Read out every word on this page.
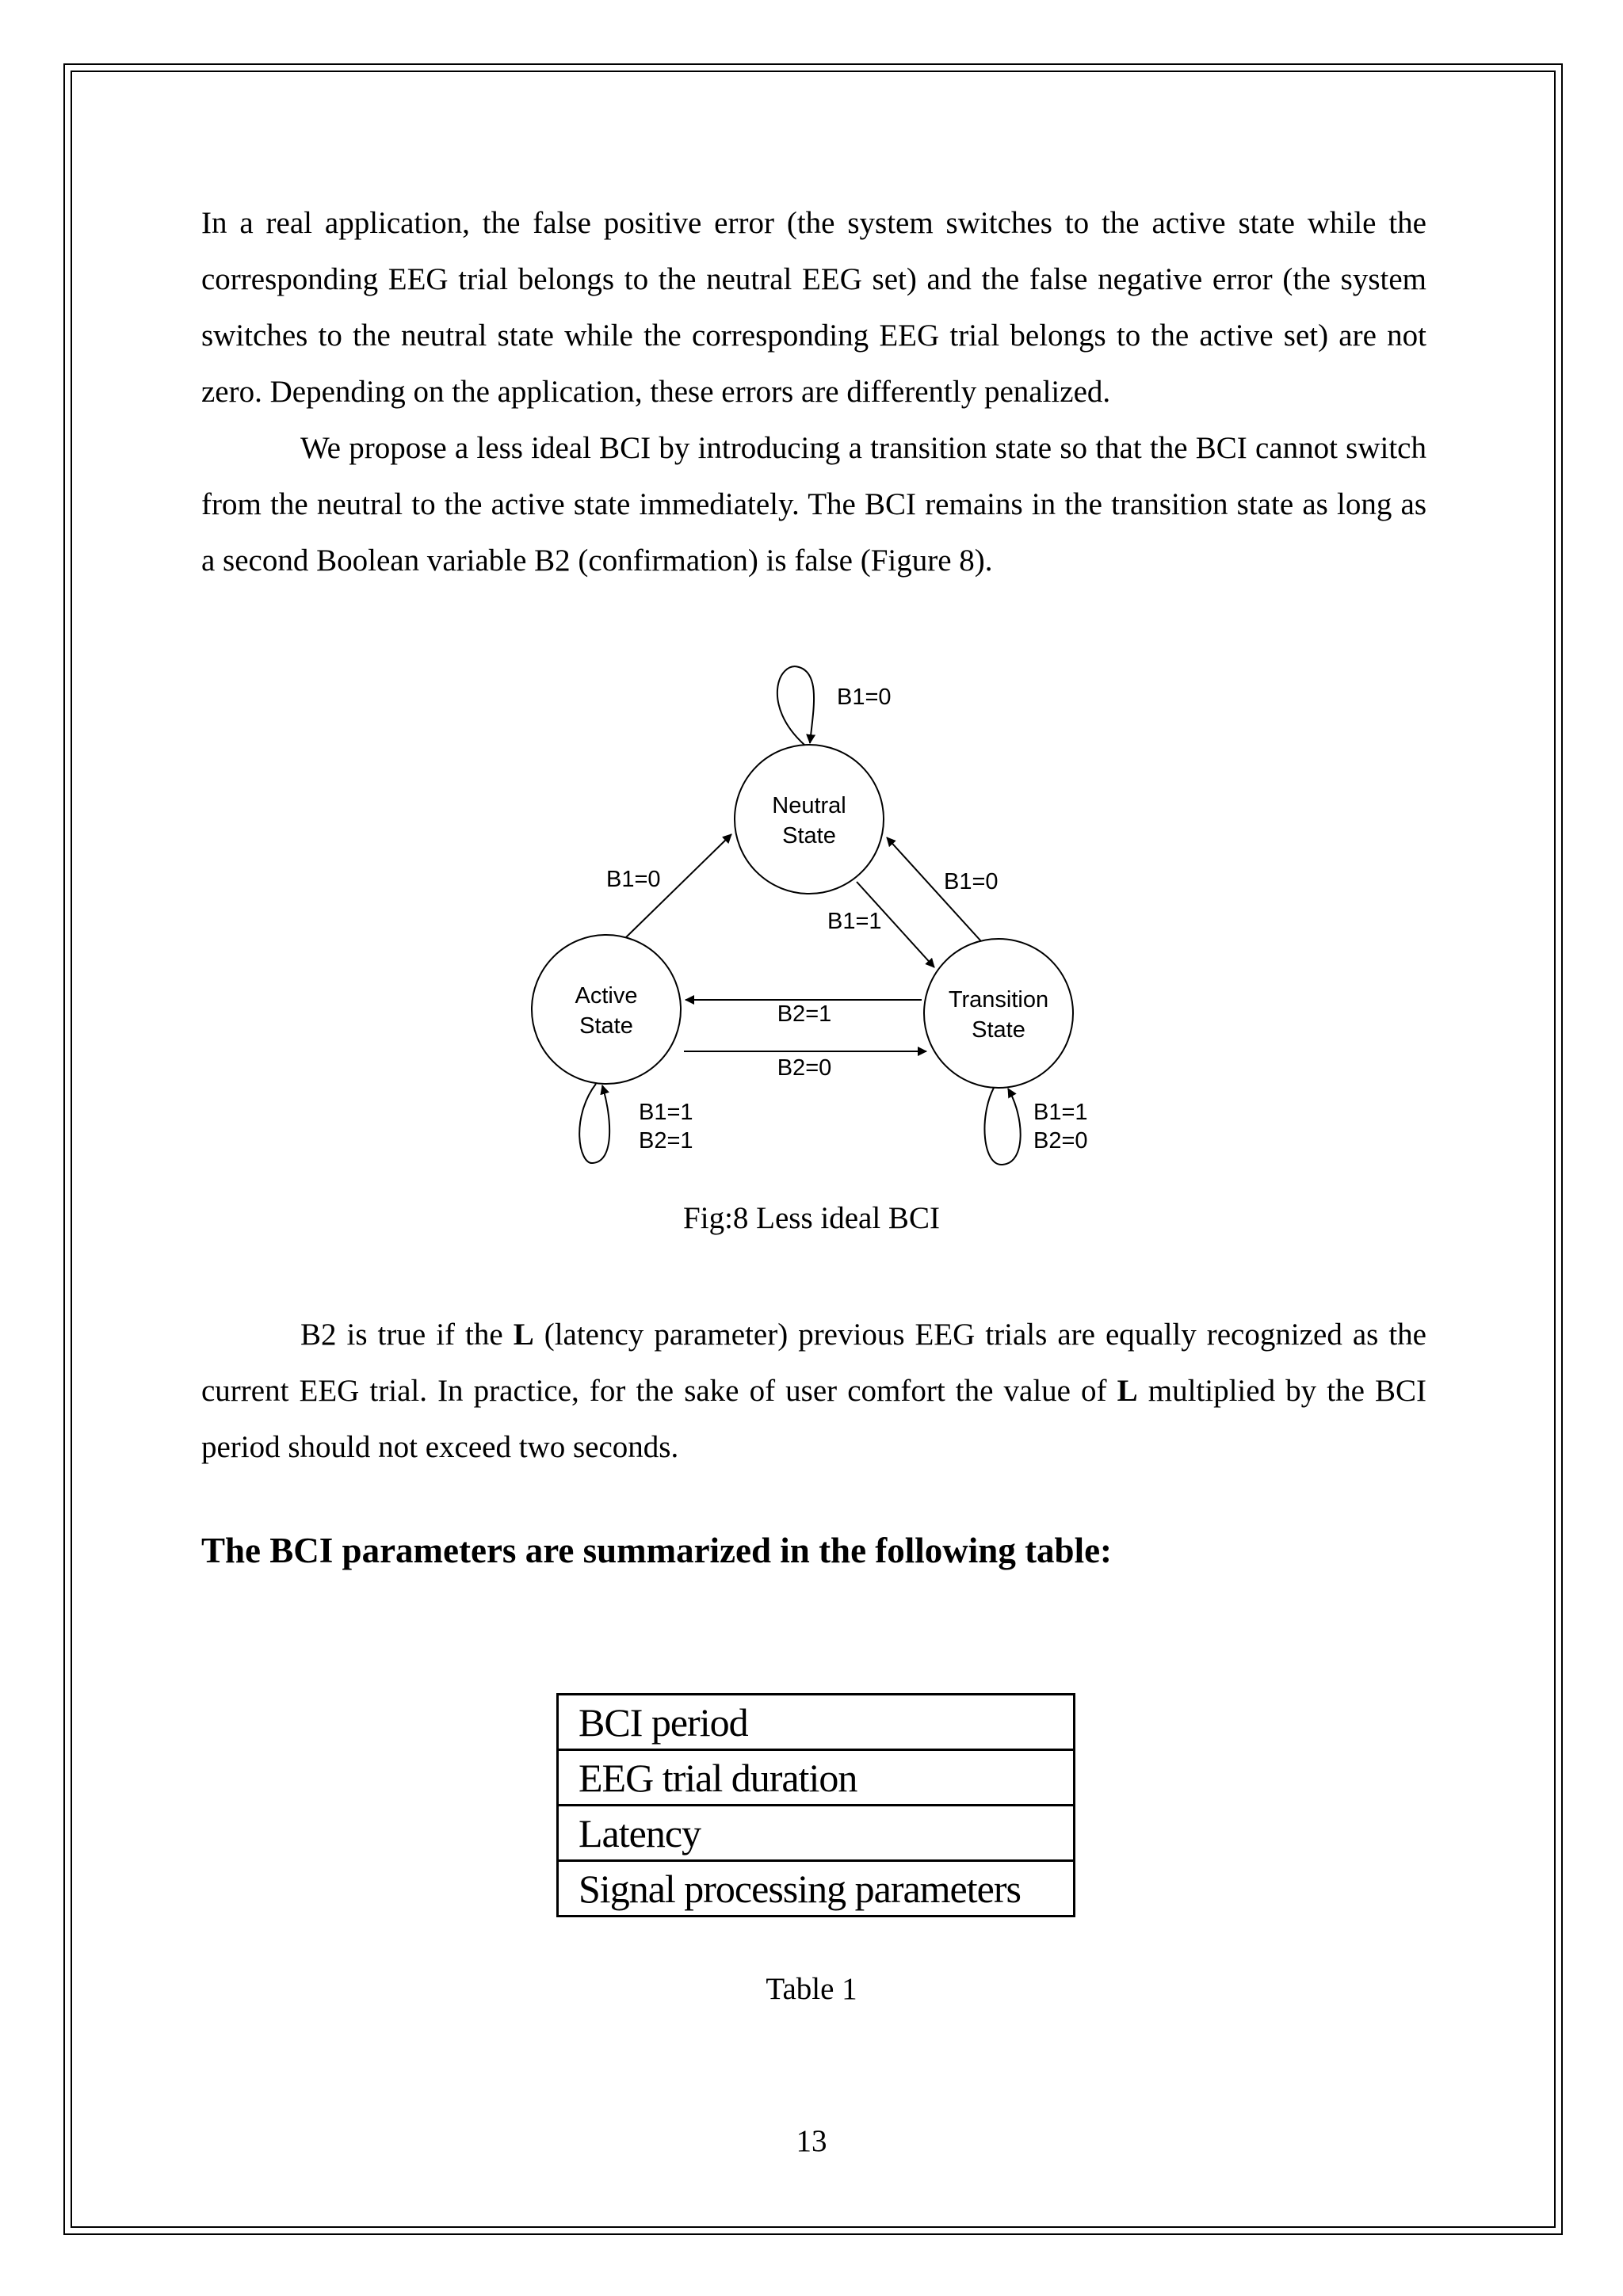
In a real application, the false positive error (the system switches to the active state while the corresponding EEG trial belongs to the neutral EEG set) and the false negative error (the system switches to the neutral state while the corresponding EEG trial belongs to the active set) are not zero. Depending on the application, these errors are differently penalized.

We propose a less ideal BCI by introducing a transition state so that the BCI cannot switch from the neutral to the active state immediately. The BCI remains in the transition state as long as a second Boolean variable B2 (confirmation) is false (Figure 8).

Neutral
State
Active
State
Transition
State
B1=0
B1=0	B1=0
B1=1
B2=1
B2=0
B1=1
B2=1
B1=1
B2=0

Fig:8 Less ideal BCI

B2 is true if the L (latency parameter) previous EEG trials are equally recognized as the current EEG trial. In practice, for the sake of user comfort the value of L multiplied by the BCI period should not exceed two seconds.

The BCI parameters are summarized in the following table:
BCI period
EEG trial duration
Latency
Signal processing parameters

Table 1

13
